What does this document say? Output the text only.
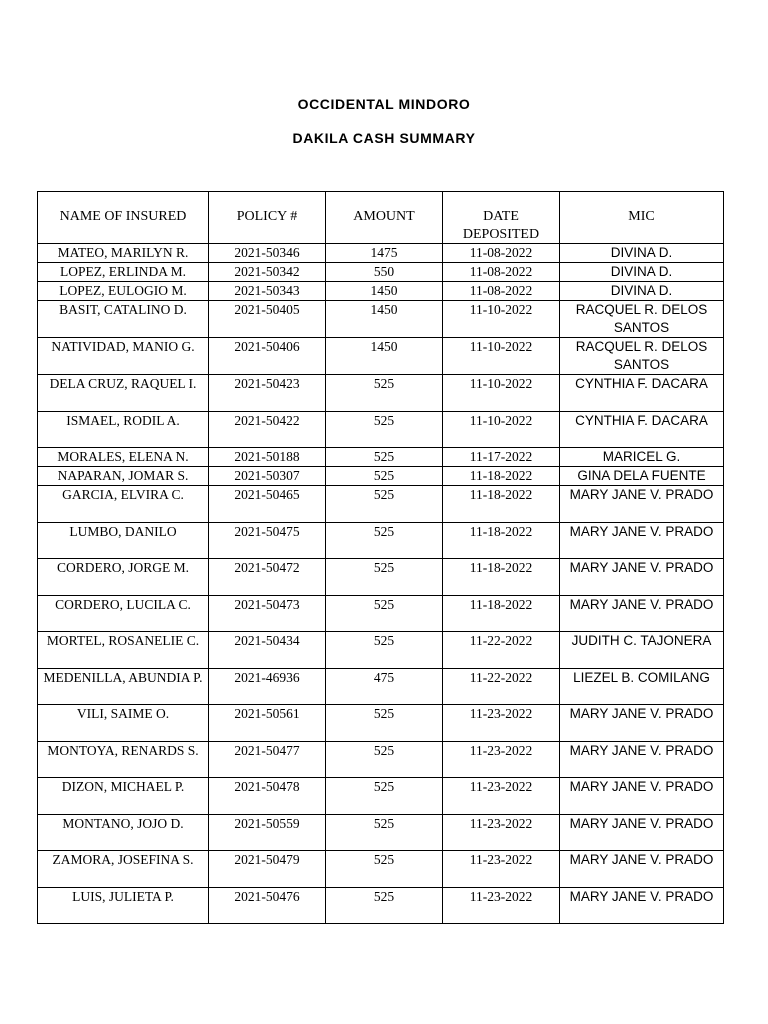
OCCIDENTAL MINDORO
DAKILA CASH SUMMARY
NAME OF INSURED	POLICY #	AMOUNT	DATE DEPOSITED	MIC
MATEO, MARILYN R.	2021-50346	1475	11-08-2022	DIVINA D.
LOPEZ, ERLINDA M.	2021-50342	550	11-08-2022	DIVINA D.
LOPEZ, EULOGIO M.	2021-50343	1450	11-08-2022	DIVINA D.
BASIT, CATALINO D.	2021-50405	1450	11-10-2022	RACQUEL R. DELOS SANTOS
NATIVIDAD, MANIO G.	2021-50406	1450	11-10-2022	RACQUEL R. DELOS SANTOS
DELA CRUZ, RAQUEL I.	2021-50423	525	11-10-2022	CYNTHIA F. DACARA
ISMAEL, RODIL A.	2021-50422	525	11-10-2022	CYNTHIA F. DACARA
MORALES, ELENA N.	2021-50188	525	11-17-2022	MARICEL G.
NAPARAN, JOMAR S.	2021-50307	525	11-18-2022	GINA DELA FUENTE
GARCIA, ELVIRA C.	2021-50465	525	11-18-2022	MARY JANE V. PRADO
LUMBO, DANILO	2021-50475	525	11-18-2022	MARY JANE V. PRADO
CORDERO, JORGE M.	2021-50472	525	11-18-2022	MARY JANE V. PRADO
CORDERO, LUCILA C.	2021-50473	525	11-18-2022	MARY JANE V. PRADO
MORTEL, ROSANELIE C.	2021-50434	525	11-22-2022	JUDITH C. TAJONERA
MEDENILLA, ABUNDIA P.	2021-46936	475	11-22-2022	LIEZEL B. COMILANG
VILI, SAIME O.	2021-50561	525	11-23-2022	MARY JANE V. PRADO
MONTOYA, RENARDS S.	2021-50477	525	11-23-2022	MARY JANE V. PRADO
DIZON, MICHAEL P.	2021-50478	525	11-23-2022	MARY JANE V. PRADO
MONTANO, JOJO D.	2021-50559	525	11-23-2022	MARY JANE V. PRADO
ZAMORA, JOSEFINA S.	2021-50479	525	11-23-2022	MARY JANE V. PRADO
LUIS, JULIETA P.	2021-50476	525	11-23-2022	MARY JANE V. PRADO
